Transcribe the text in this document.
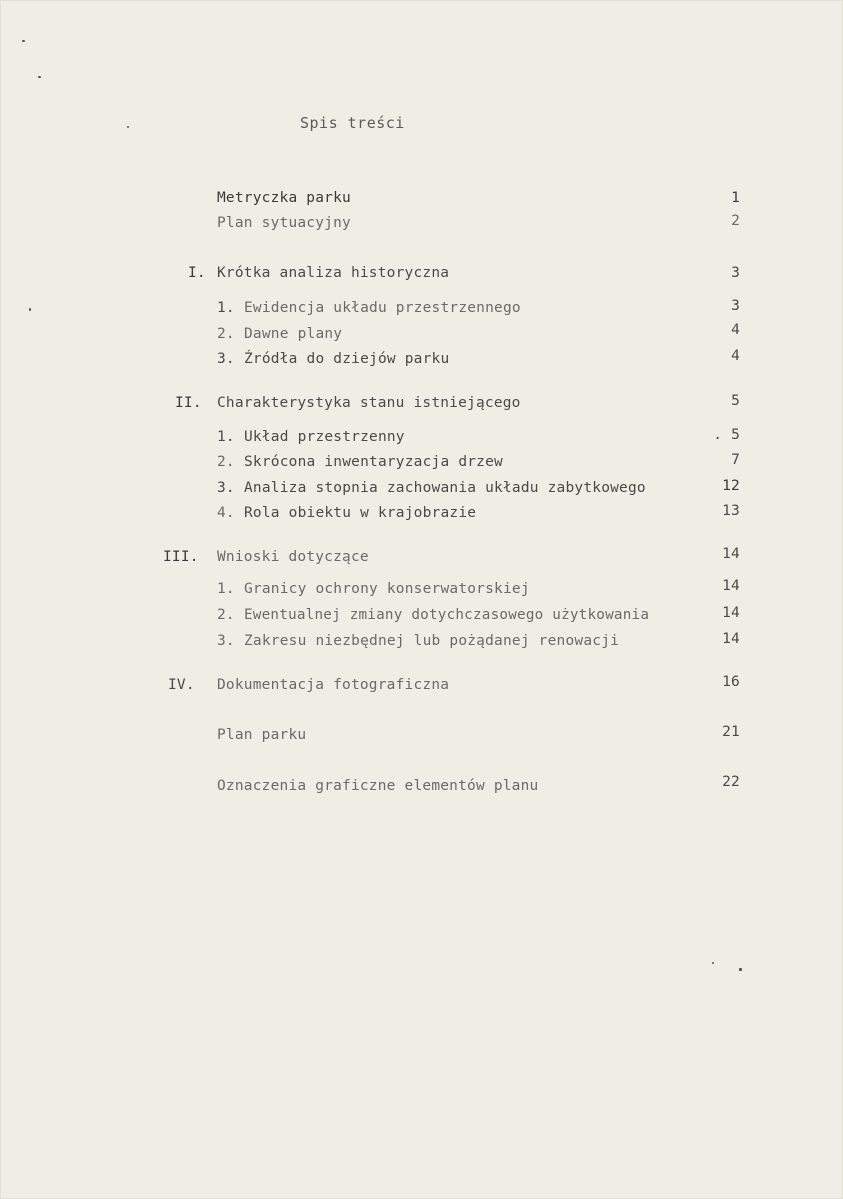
Spis treści
Metryczka parku	1
Plan sytuacyjny	2
I. Krótka analiza historyczna	3
1. Ewidencja układu przestrzennego	3
2. Dawne plany	4
3. Źródła do dziejów parku	4
II. Charakterystyka stanu istniejącego	5
1. Układ przestrzenny	. 5
2. Skrócona inwentaryzacja drzew	7
3. Analiza stopnia zachowania układu zabytkowego	12
4. Rola obiektu w krajobrazie	13
III. Wnioski dotyczące	14
1. Granicy ochrony konserwatorskiej	14
2. Ewentualnej zmiany dotychczasowego użytkowania	14
3. Zakresu niezbędnej lub pożądanej renowacji	14
IV. Dokumentacja fotograficzna	16
Plan parku	21
Oznaczenia graficzne elementów planu	22
